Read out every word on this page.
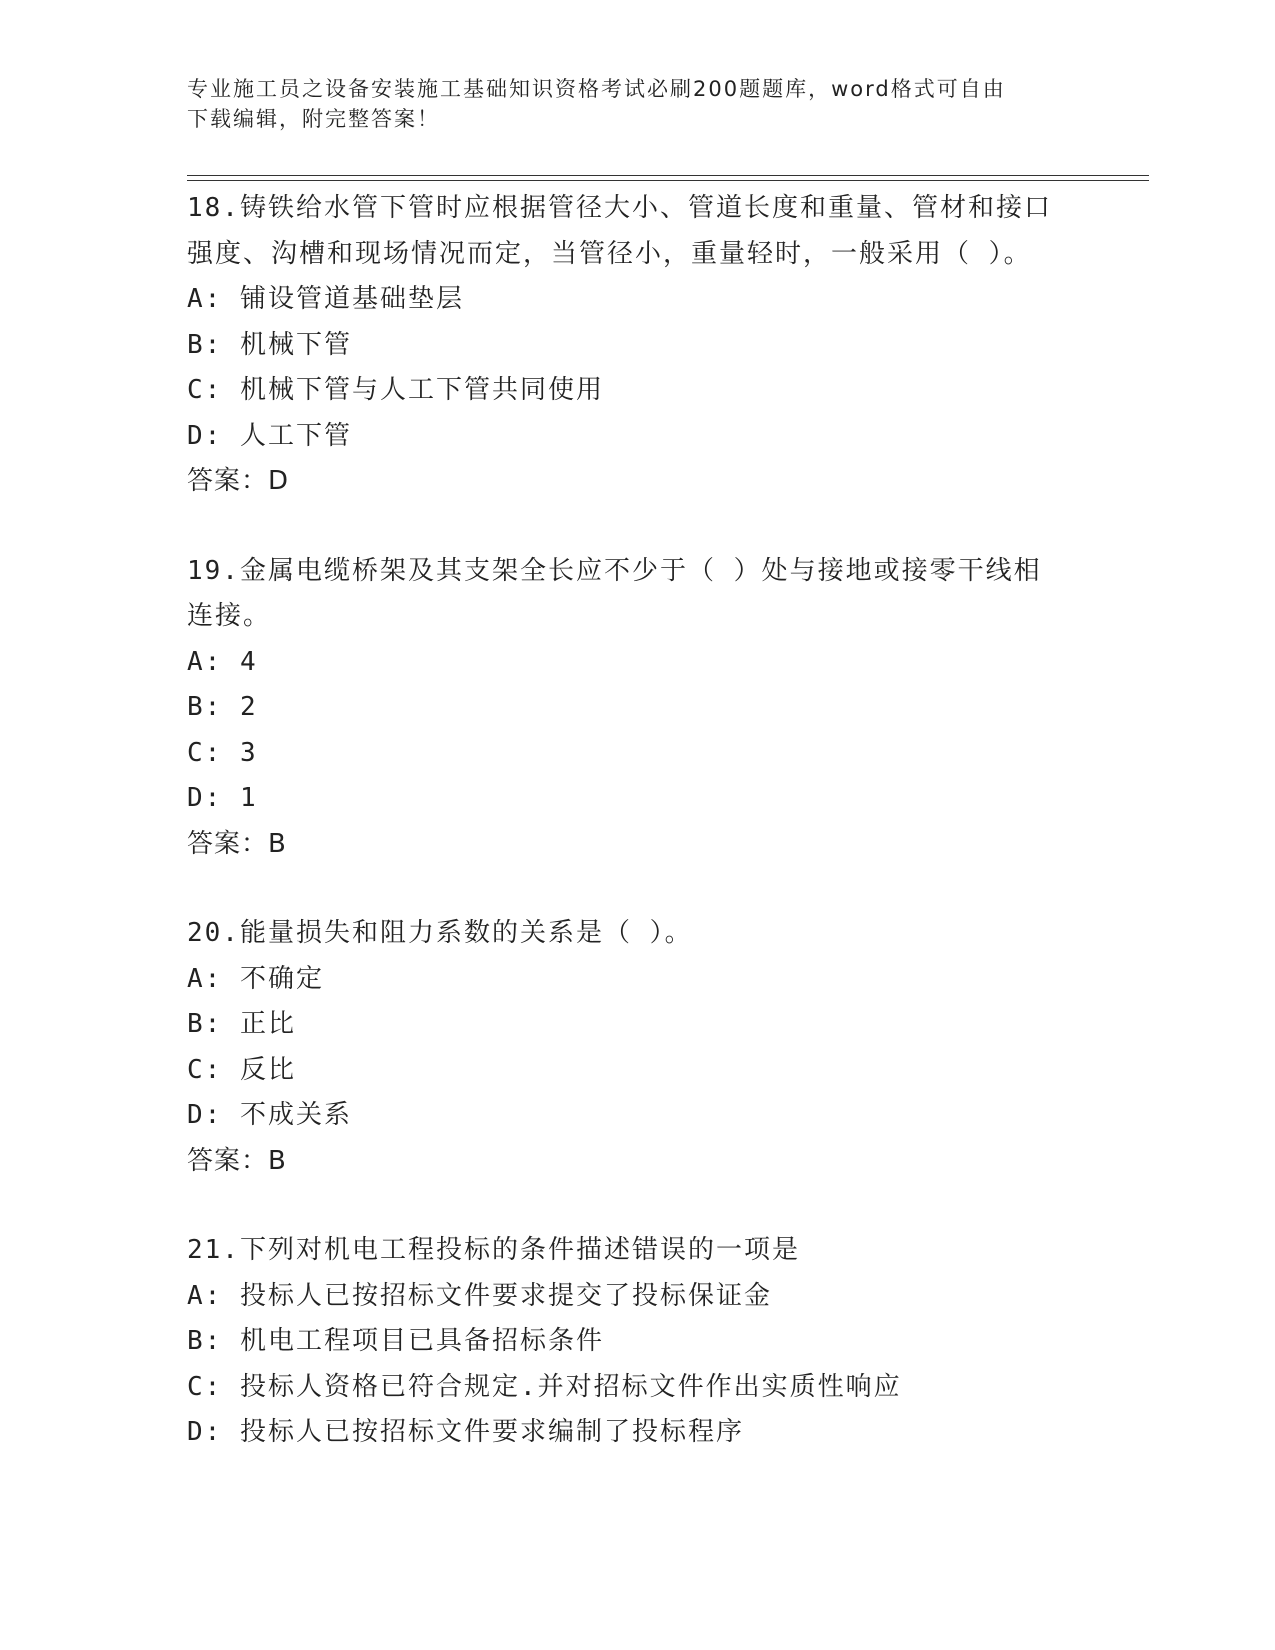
专业施工员之设备安装施工基础知识资格考试必刷200题题库，word格式可自由
下载编辑，附完整答案！
18.铸铁给水管下管时应根据管径大小、管道长度和重量、管材和接口
强度、沟槽和现场情况而定，当管径小，重量轻时，一般采用（ ）。
A: 铺设管道基础垫层
B: 机械下管
C: 机械下管与人工下管共同使用
D: 人工下管
答案：D
19.金属电缆桥架及其支架全长应不少于（ ）处与接地或接零干线相
连接。
A: 4
B: 2
C: 3
D: 1
答案：B
20.能量损失和阻力系数的关系是（ ）。
A: 不确定
B: 正比
C: 反比
D: 不成关系
答案：B
21.下列对机电工程投标的条件描述错误的一项是
A: 投标人已按招标文件要求提交了投标保证金
B: 机电工程项目已具备招标条件
C: 投标人资格已符合规定.并对招标文件作出实质性响应
D: 投标人已按招标文件要求编制了投标程序
